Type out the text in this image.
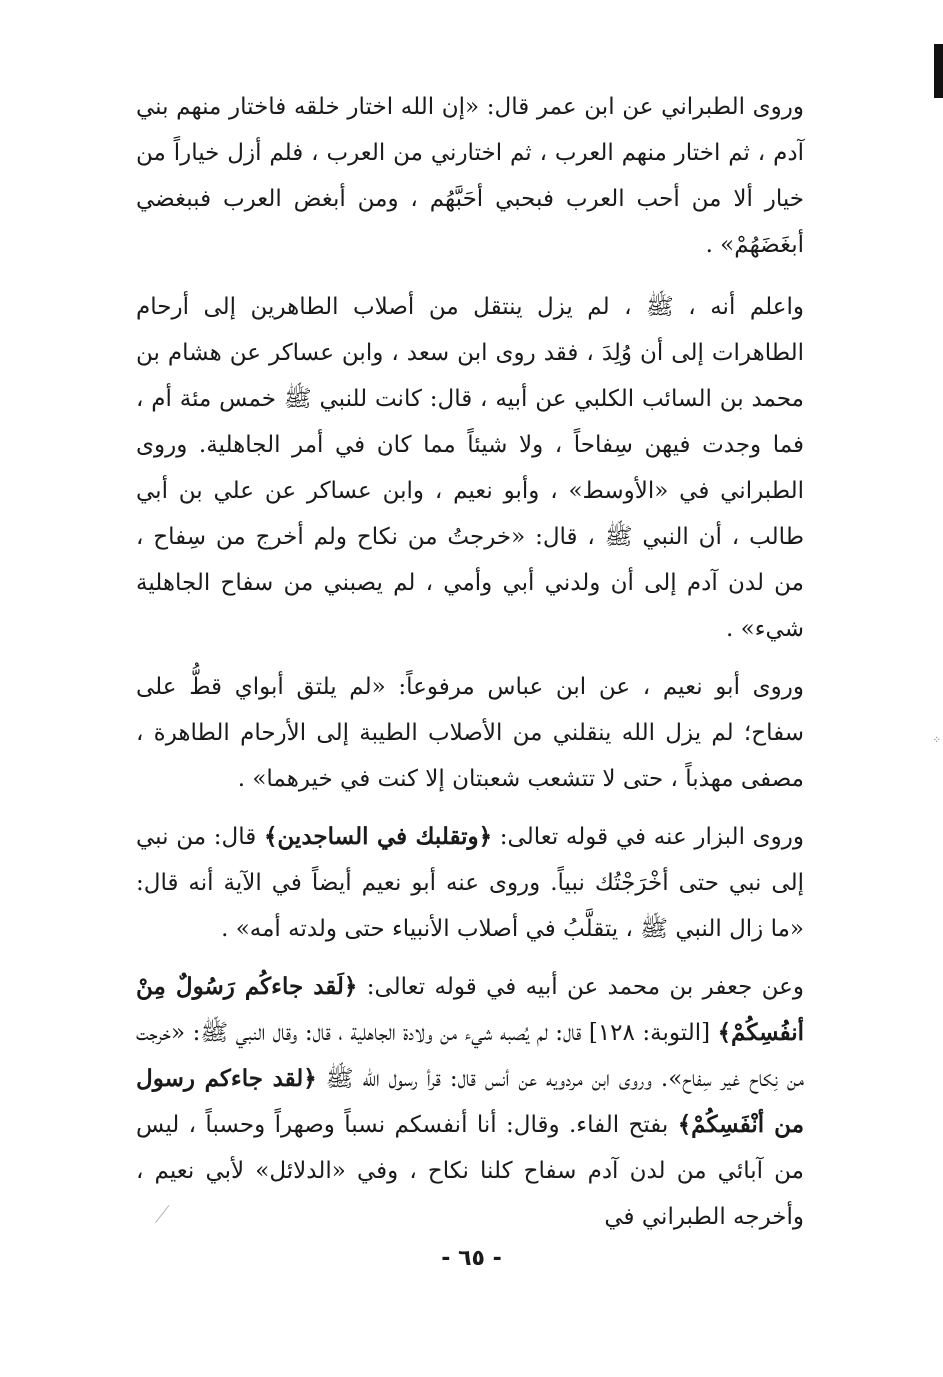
⁘

وروى الطبراني عن ابن عمر قال: «إن الله اختار خلقه فاختار منهم بني آدم ، ثم اختار منهم العرب ، ثم اختارني من العرب ، فلم أزل خياراً من خيار ألا من أحب العرب فبحبي أحَبَّهُم ، ومن أبغض العرب فببغضي أبغَضَهُمْ» .

واعلم أنه ، ﷺ ، لم يزل ينتقل من أصلاب الطاهرين إلى أرحام الطاهرات إلى أن وُلِدَ ، فقد روى ابن سعد ، وابن عساكر عن هشام بن محمد بن السائب الكلبي عن أبيه ، قال: كانت للنبي ﷺ خمس مئة أم ، فما وجدت فيهن سِفاحاً ، ولا شيئاً مما كان في أمر الجاهلية. وروى الطبراني في «الأوسط» ، وأبو نعيم ، وابن عساكر عن علي بن أبي طالب ، أن النبي ﷺ ، قال: «خرجتُ من نكاح ولم أخرج من سِفاح ، من لدن آدم إلى أن ولدني أبي وأمي ، لم يصبني من سفاح الجاهلية شيء» .

وروى أبو نعيم ، عن ابن عباس مرفوعاً: «لم يلتق أبواي قطُّ على سفاح؛ لم يزل الله ينقلني من الأصلاب الطيبة إلى الأرحام الطاهرة ، مصفى مهذباً ، حتى لا تتشعب شعبتان إلا كنت في خيرهما» .

وروى البزار عنه في قوله تعالى: ﴿وتقلبك في الساجدين﴾ قال: من نبي إلى نبي حتى أخْرَجْتُك نبياً. وروى عنه أبو نعيم أيضاً في الآية أنه قال: «ما زال النبي ﷺ ، يتقلَّبُ في أصلاب الأنبياء حتى ولدته أمه» .

وعن جعفر بن محمد عن أبيه في قوله تعالى: ﴿لَقد جاءكُم رَسُولٌ مِنْ أنفُسِكُمْ﴾ [التوبة: ١٢٨] قال: لم يُصبه شيء من ولادة الجاهلية ، قال: وقال النبي ﷺ: «خرجت من نِكاح غير سِفاح». وروى ابن مردويه عن أنس قال: قرأ رسول الله ﷺ ﴿لقد جاءكم رسول من أنْفَسِكُمْ﴾ بفتح الفاء. وقال: أنا أنفسكم نسباً وصهراً وحسباً ، ليس من آبائي من لدن آدم سفاح كلنا نكاح ، وفي «الدلائل» لأبي نعيم ، وأخرجه الطبراني في

- ٦٥ -
